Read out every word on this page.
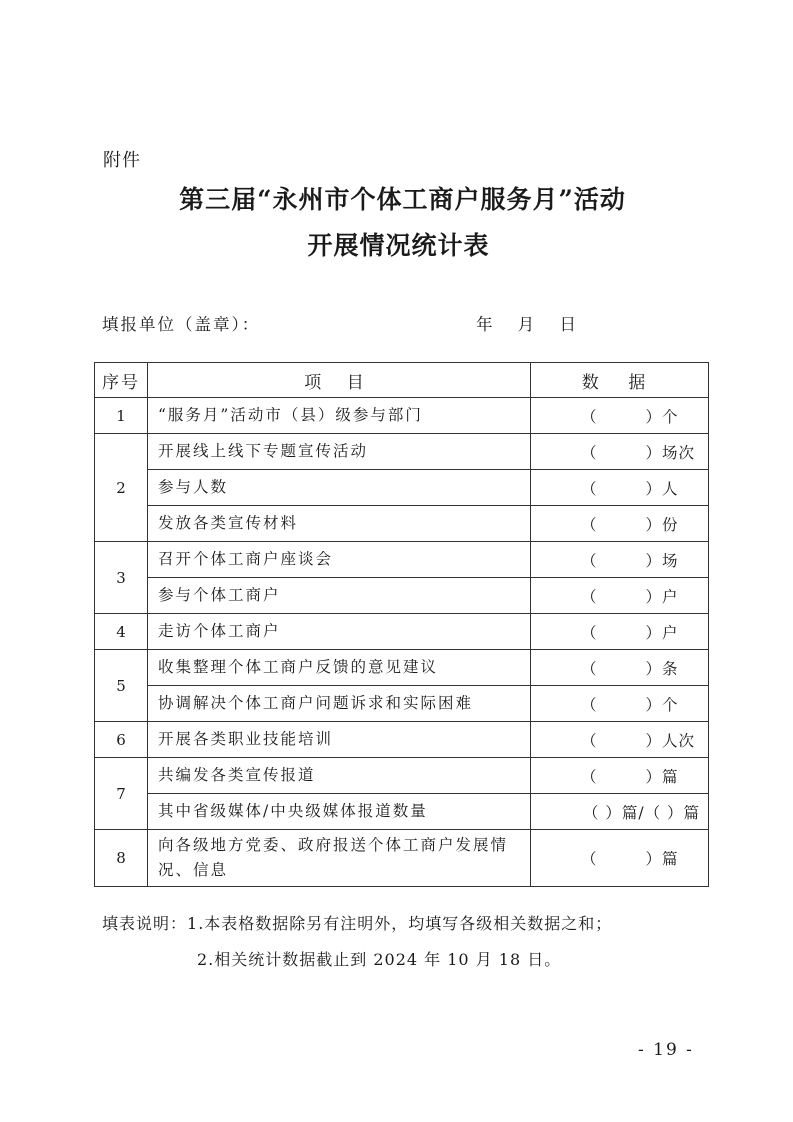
附件
第三届“永州市个体工商户服务月”活动
开展情况统计表
填报单位（盖章）：	年 月 日
序号	项 目	数 据
1	“服务月”活动市（县）级参与部门	（ ）个
2	开展线上线下专题宣传活动	（ ）场次
	参与人数	（ ）人
	发放各类宣传材料	（ ）份
3	召开个体工商户座谈会	（ ）场
	参与个体工商户	（ ）户
4	走访个体工商户	（ ）户
5	收集整理个体工商户反馈的意见建议	（ ）条
	协调解决个体工商户问题诉求和实际困难	（ ）个
6	开展各类职业技能培训	（ ）人次
7	共编发各类宣传报道	（ ）篇
	其中省级媒体/中央级媒体报道数量	（ ）篇/（ ）篇
8	向各级地方党委、政府报送个体工商户发展情况、信息	（ ）篇
填表说明：1.本表格数据除另有注明外，均填写各级相关数据之和；
2.相关统计数据截止到 2024 年 10 月 18 日。
- 19 -
